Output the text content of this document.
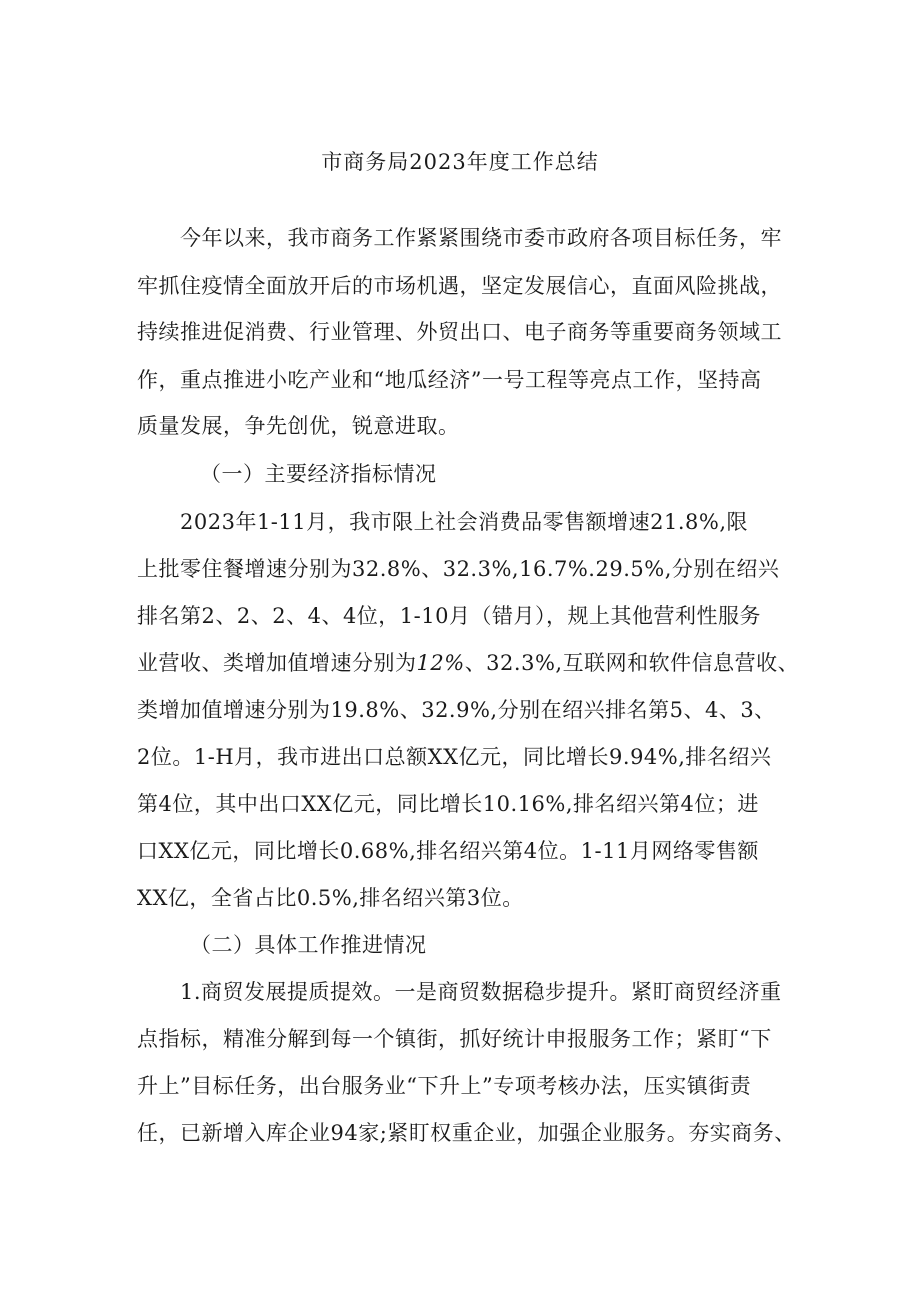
市商务局2023年度工作总结
今年以来，我市商务工作紧紧围绕市委市政府各项目标任务，牢
牢抓住疫情全面放开后的市场机遇，坚定发展信心，直面风险挑战，
持续推进促消费、行业管理、外贸出口、电子商务等重要商务领域工
作，重点推进小吃产业和“地瓜经济”一号工程等亮点工作，坚持高
质量发展，争先创优，锐意进取。
（一）主要经济指标情况
2023年1-11月，我市限上社会消费品零售额增速21.8%,限
上批零住餐增速分别为32.8%、32.3%,16.7%.29.5%,分别在绍兴
排名第2、2、2、4、4位，1-10月（错月），规上其他营利性服务
业营收、类增加值增速分别为12%、32.3%,互联网和软件信息营收、
类增加值增速分别为19.8%、32.9%,分别在绍兴排名第5、4、3、
2位。1-H月，我市进出口总额XX亿元，同比增长9.94%,排名绍兴
第4位，其中出口XX亿元，同比增长10.16%,排名绍兴第4位；进
口XX亿元，同比增长0.68%,排名绍兴第4位。1-11月网络零售额
XX亿，全省占比0.5%,排名绍兴第3位。
（二）具体工作推进情况
1.商贸发展提质提效。一是商贸数据稳步提升。紧盯商贸经济重
点指标，精准分解到每一个镇街，抓好统计申报服务工作；紧盯“下
升上”目标任务，出台服务业“下升上”专项考核办法，压实镇街责
任，已新增入库企业94家;紧盯权重企业，加强企业服务。夯实商务、
